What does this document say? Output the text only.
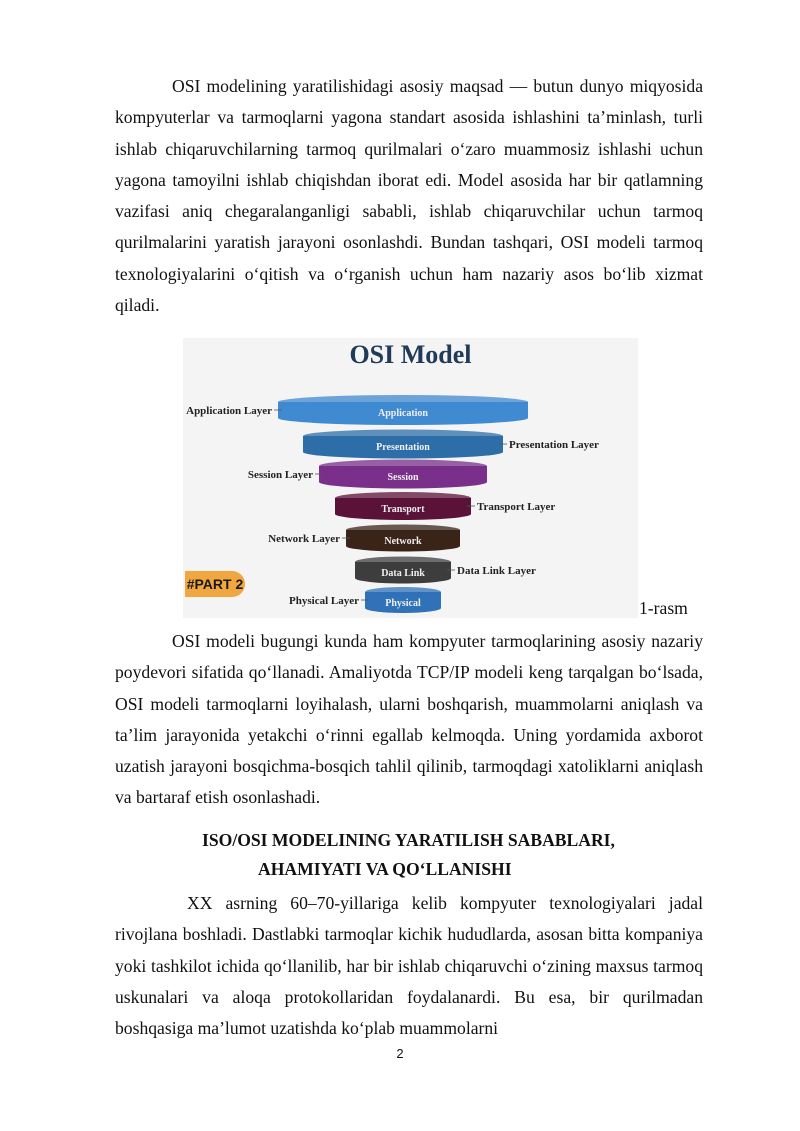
OSI modelining yaratilishidagi asosiy maqsad — butun dunyo miqyosida kompyuterlar va tarmoqlarni yagona standart asosida ishlashini ta’minlash, turli ishlab chiqaruvchilarning tarmoq qurilmalari o‘zaro muammosiz ishlashi uchun yagona tamoyilni ishlab chiqishdan iborat edi. Model asosida har bir qatlamning vazifasi aniq chegaralanganligi sababli, ishlab chiqaruvchilar uchun tarmoq qurilmalarini yaratish jarayoni osonlashdi. Bundan tashqari, OSI modeli tarmoq texnologiyalarini o‘qitish va o‘rganish uchun ham nazariy asos bo‘lib xizmat qiladi.

OSI Model
Application
Application Layer
Presentation	Presentation Layer
Session
Session Layer
Transport	Transport Layer
Network
Network Layer
Data Link	Data Link Layer
Physical
Physical Layer
#PART 2
1-rasm

OSI modeli bugungi kunda ham kompyuter tarmoqlarining asosiy nazariy poydevori sifatida qo‘llanadi. Amaliyotda TCP/IP modeli keng tarqalgan bo‘lsada, OSI modeli tarmoqlarni loyihalash, ularni boshqarish, muammolarni aniqlash va ta’lim jarayonida yetakchi o‘rinni egallab kelmoqda. Uning yordamida axborot uzatish jarayoni bosqichma-bosqich tahlil qilinib, tarmoqdagi xatoliklarni aniqlash va bartaraf etish osonlashadi.

ISO/OSI MODELINING YARATILISH SABABLARI,
AHAMIYATI VA QO‘LLANISHI

XX asrning 60–70-yillariga kelib kompyuter texnologiyalari jadal rivojlana boshladi. Dastlabki tarmoqlar kichik hududlarda, asosan bitta kompaniya yoki tashkilot ichida qo‘llanilib, har bir ishlab chiqaruvchi o‘zining maxsus tarmoq uskunalari va aloqa protokollaridan foydalanardi. Bu esa, bir qurilmadan boshqasiga ma’lumot uzatishda ko‘plab muammolarni

2
